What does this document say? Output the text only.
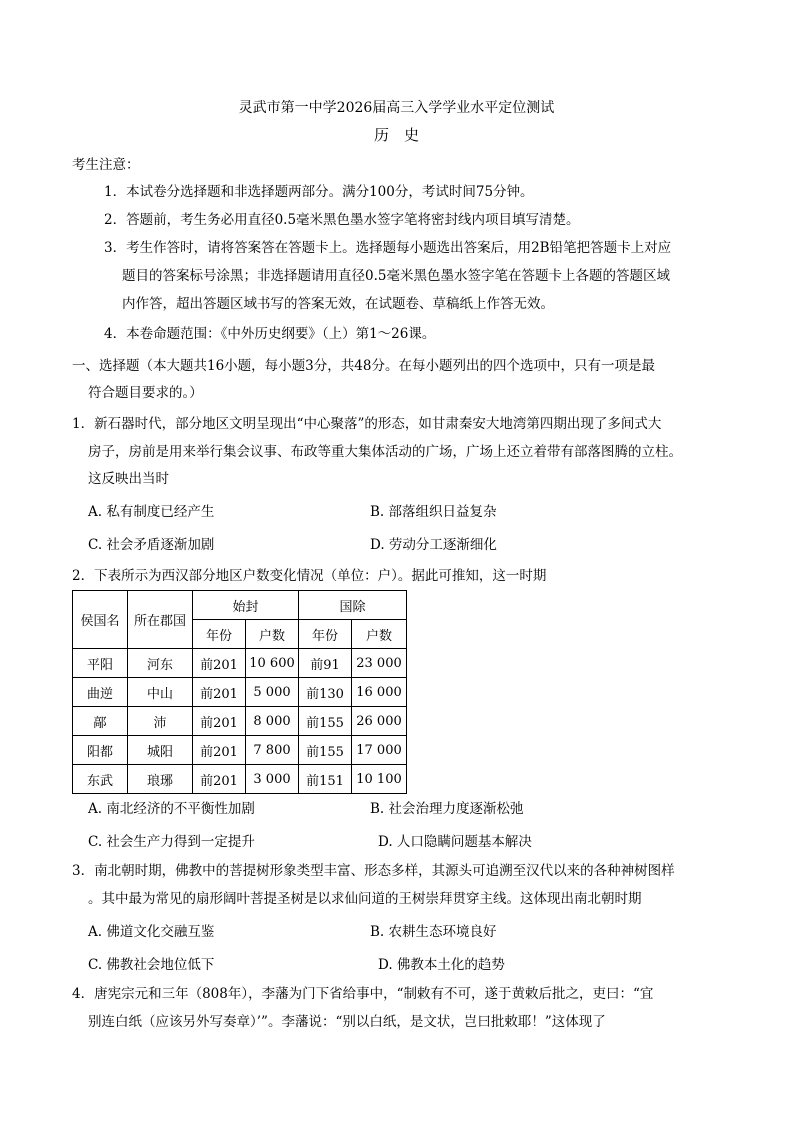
灵武市第一中学2026届高三入学学业水平定位测试
历　史
考生注意：
1．本试卷分选择题和非选择题两部分。满分100分，考试时间75分钟。
2．答题前，考生务必用直径0.5毫米黑色墨水签字笔将密封线内项目填写清楚。
3．考生作答时，请将答案答在答题卡上。选择题每小题选出答案后，用2B铅笔把答题卡上对应
题目的答案标号涂黑；非选择题请用直径0.5毫米黑色墨水签字笔在答题卡上各题的答题区域
内作答，超出答题区域书写的答案无效，在试题卷、草稿纸上作答无效。
4．本卷命题范围：《中外历史纲要》（上）第1～26课。
一、选择题（本大题共16小题，每小题3分，共48分。在每小题列出的四个选项中，只有一项是最
符合题目要求的。）
1．新石器时代，部分地区文明呈现出“中心聚落”的形态，如甘肃秦安大地湾第四期出现了多间式大
房子，房前是用来举行集会议事、布政等重大集体活动的广场，广场上还立着带有部落图腾的立柱。
这反映出当时
A. 私有制度已经产生	B. 部落组织日益复杂
C. 社会矛盾逐渐加剧	D. 劳动分工逐渐细化
2．下表所示为西汉部分地区户数变化情况（单位：户）。据此可推知，这一时期
侯国名	所在郡国	始封		国除	
		年份	户数	年份	户数
平阳	河东	前201	10 600	前91	23 000
曲逆	中山	前201	5 000	前130	16 000
鄗	沛	前201	8 000	前155	26 000
阳都	城阳	前201	7 800	前155	17 000
东武	琅琊	前201	3 000	前151	10 100
A. 南北经济的不平衡性加剧	B. 社会治理力度逐渐松弛
C. 社会生产力得到一定提升	D. 人口隐瞒问题基本解决
3．南北朝时期，佛教中的菩提树形象类型丰富、形态多样，其源头可追溯至汉代以来的各种神树图样
。其中最为常见的扇形阔叶菩提圣树是以求仙问道的王树崇拜贯穿主线。这体现出南北朝时期
A. 佛道文化交融互鉴	B. 农耕生态环境良好
C. 佛教社会地位低下	D. 佛教本土化的趋势
4．唐宪宗元和三年（808年），李藩为门下省给事中，“制敕有不可，遂于黄敕后批之，吏曰：“宜
别连白纸（应该另外写奏章）’”。李藩说：“别以白纸，是文状，岂曰批敕耶！”这体现了
